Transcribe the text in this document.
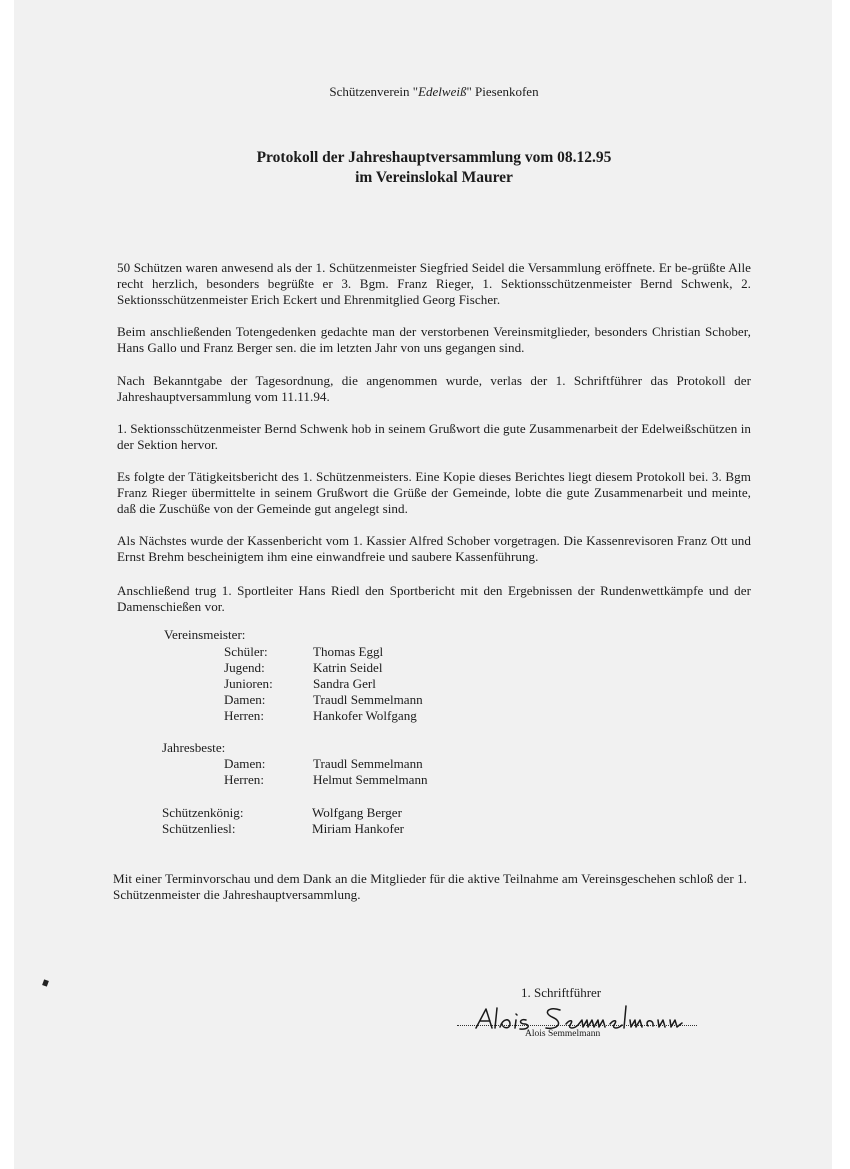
Schützenverein "Edelweiß" Piesenkofen

Protokoll der Jahreshauptversammlung vom 08.12.95

im Vereinslokal Maurer

50 Schützen waren anwesend als der 1. Schützenmeister Siegfried Seidel die Versammlung eröffnete. Er be-grüßte Alle recht herzlich, besonders begrüßte er 3. Bgm. Franz Rieger, 1. Sektionsschützenmeister Bernd Schwenk, 2. Sektionsschützenmeister Erich Eckert und Ehrenmitglied Georg Fischer.

Beim anschließenden Totengedenken gedachte man der verstorbenen Vereinsmitglieder, besonders Christian Schober, Hans Gallo und Franz Berger sen. die im letzten Jahr von uns gegangen sind.

Nach Bekanntgabe der Tagesordnung, die angenommen wurde, verlas der 1. Schriftführer das Protokoll der Jahreshauptversammlung vom 11.11.94.

1. Sektionsschützenmeister Bernd Schwenk hob in seinem Grußwort die gute Zusammenarbeit der Edelweißschützen in der Sektion hervor.

Es folgte der Tätigkeitsbericht des 1. Schützenmeisters. Eine Kopie dieses Berichtes liegt diesem Protokoll bei. 3. Bgm Franz Rieger übermittelte in seinem Grußwort die Grüße der Gemeinde, lobte die gute Zusammenarbeit und meinte, daß die Zuschüße von der Gemeinde gut angelegt sind.

Als Nächstes wurde der Kassenbericht vom 1. Kassier Alfred Schober vorgetragen. Die Kassenrevisoren Franz Ott und Ernst Brehm bescheinigtem ihm eine einwandfreie und saubere Kassenführung.

Anschließend trug 1. Sportleiter Hans Riedl den Sportbericht mit den Ergebnissen der Rundenwettkämpfe und der Damenschießen vor.

Vereinsmeister:
Schüler:	Thomas Eggl
Jugend:	Katrin Seidel
Junioren:	Sandra Gerl
Damen:	Traudl Semmelmann
Herren:	Hankofer Wolfgang
Jahresbeste:
Damen:	Traudl Semmelmann
Herren:	Helmut Semmelmann
Schützenkönig:	Wolfgang Berger
Schützenliesl:	Miriam Hankofer

Mit einer Terminvorschau und dem Dank an die Mitglieder für die aktive Teilnahme am Vereinsgeschehen schloß der 1. Schützenmeister die Jahreshauptversammlung.

1. Schriftführer
Alois Semmelmann
